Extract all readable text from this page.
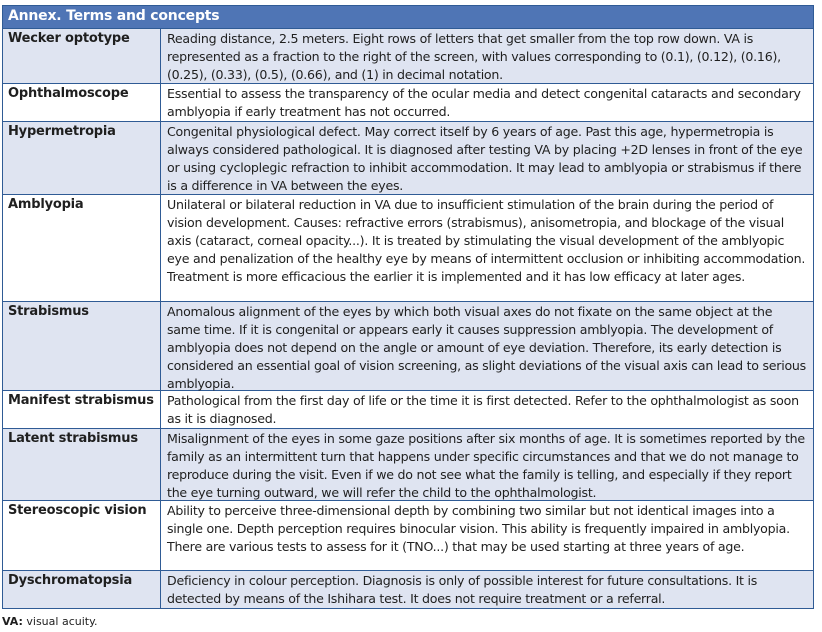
Annex. Terms and concepts
Wecker optotype	Reading distance, 2.5 meters. Eight rows of letters that get smaller from the top row down. VA is represented as a fraction to the right of the screen, with values corresponding to (0.1), (0.12), (0.16), (0.25), (0.33), (0.5), (0.66), and (1) in decimal notation.
Ophthalmoscope	Essential to assess the transparency of the ocular media and detect congenital cataracts and secondary amblyopia if early treatment has not occurred.
Hypermetropia	Congenital physiological defect. May correct itself by 6 years of age. Past this age, hypermetropia is always considered pathological. It is diagnosed after testing VA by placing +2D lenses in front of the eye or using cycloplegic refraction to inhibit accommodation. It may lead to amblyopia or strabismus if there is a difference in VA between the eyes.
Amblyopia	Unilateral or bilateral reduction in VA due to insufficient stimulation of the brain during the period of vision development. Causes: refractive errors (strabismus), anisometropia, and blockage of the visual axis (cataract, corneal opacity...). It is treated by stimulating the visual development of the amblyopic eye and penalization of the healthy eye by means of intermittent occlusion or inhibiting accommodation. Treatment is more efficacious the earlier it is implemented and it has low efficacy at later ages.
Strabismus	Anomalous alignment of the eyes by which both visual axes do not fixate on the same object at the same time. If it is congenital or appears early it causes suppression amblyopia. The development of amblyopia does not depend on the angle or amount of eye deviation. Therefore, its early detection is considered an essential goal of vision screening, as slight deviations of the visual axis can lead to serious amblyopia.
Manifest strabismus	Pathological from the first day of life or the time it is first detected. Refer to the ophthalmologist as soon as it is diagnosed.
Latent strabismus	Misalignment of the eyes in some gaze positions after six months of age. It is sometimes reported by the family as an intermittent turn that happens under specific circumstances and that we do not manage to reproduce during the visit. Even if we do not see what the family is telling, and especially if they report the eye turning outward, we will refer the child to the ophthalmologist.
Stereoscopic vision	Ability to perceive three-dimensional depth by combining two similar but not identical images into a single one. Depth perception requires binocular vision. This ability is frequently impaired in amblyopia. There are various tests to assess for it (TNO...) that may be used starting at three years of age.
Dyschromatopsia	Deficiency in colour perception. Diagnosis is only of possible interest for future consultations. It is detected by means of the Ishihara test. It does not require treatment or a referral.
VA: visual acuity.
